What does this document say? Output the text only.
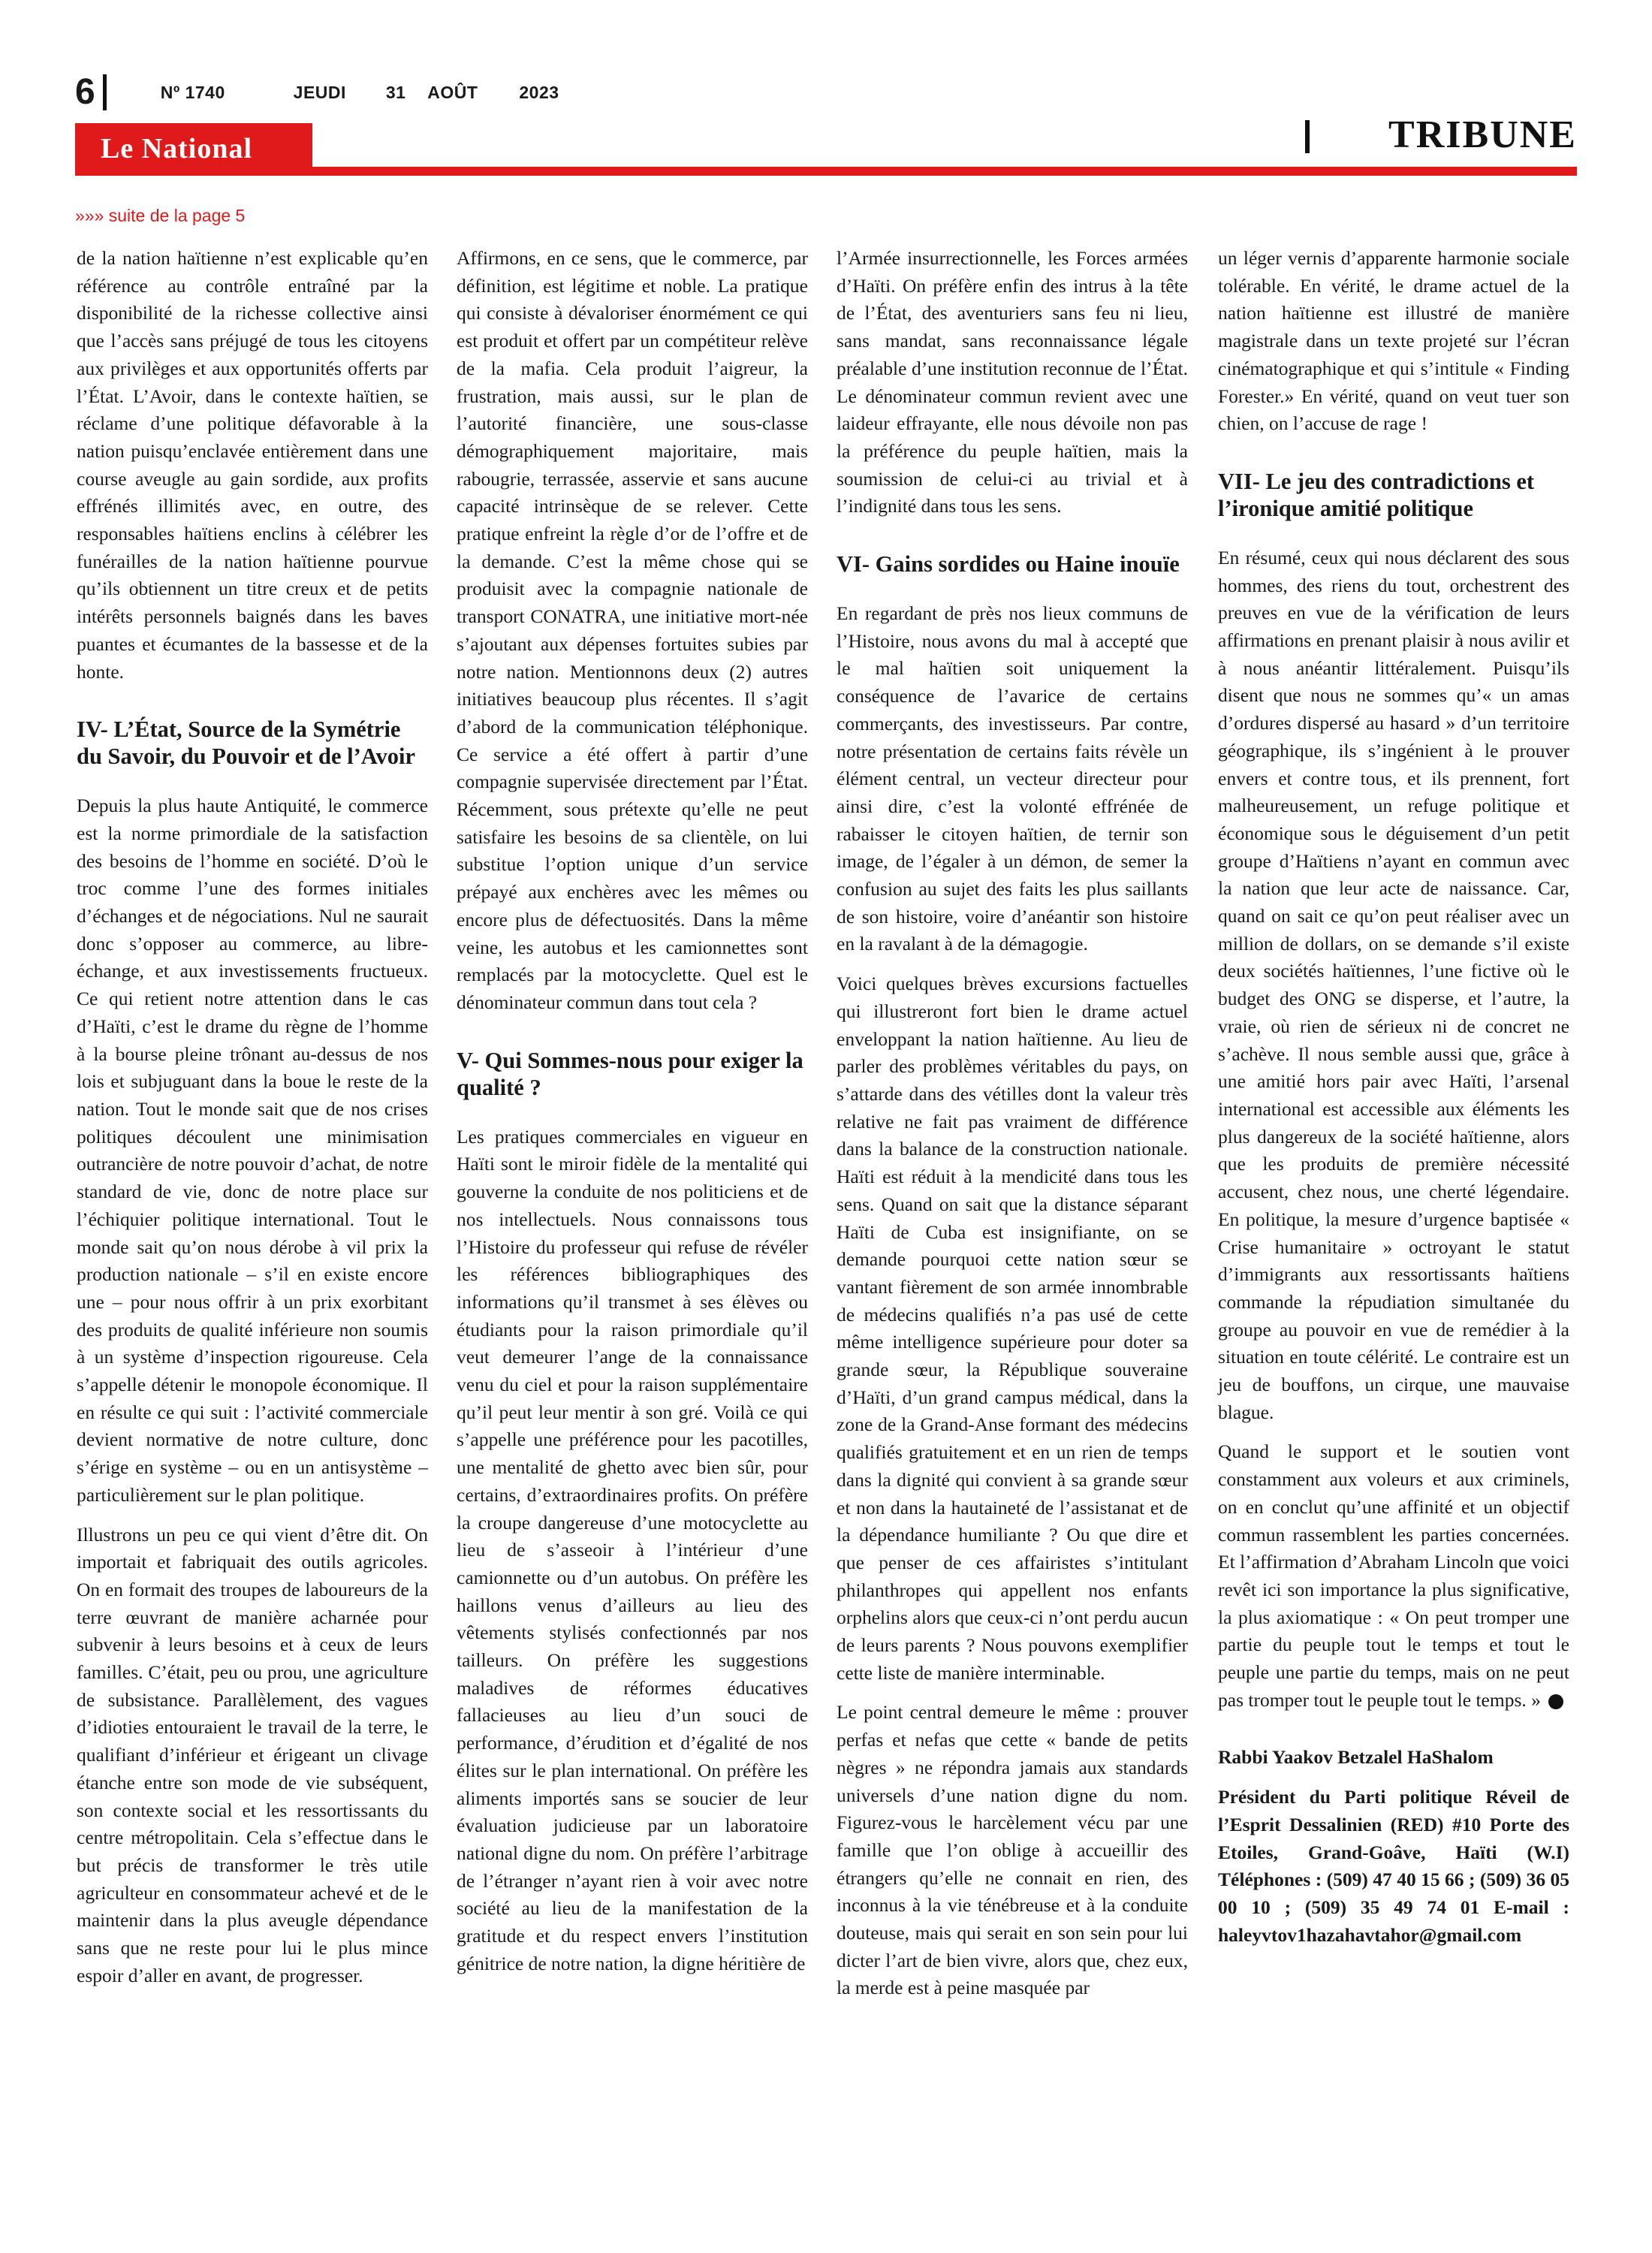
6	Nº 1740	JEUDI 31 AOÛT 2023
Le National	TRIBUNE
»»» suite de la page 5

de la nation haïtienne n’est explicable qu’en référence au contrôle entraîné par la disponibilité de la richesse collective ainsi que l’accès sans préjugé de tous les citoyens aux privilèges et aux opportunités offerts par l’État. L’Avoir, dans le contexte haïtien, se réclame d’une politique défavorable à la nation puisqu’enclavée entièrement dans une course aveugle au gain sordide, aux profits effrénés illimités avec, en outre, des responsables haïtiens enclins à célébrer les funérailles de la nation haïtienne pourvue qu’ils obtiennent un titre creux et de petits intérêts personnels baignés dans les baves puantes et écumantes de la bassesse et de la honte.

IV- L’État, Source de la Symétrie du Savoir, du Pouvoir et de l’Avoir

Depuis la plus haute Antiquité, le commerce est la norme primordiale de la satisfaction des besoins de l’homme en société. D’où le troc comme l’une des formes initiales d’échanges et de négociations. Nul ne saurait donc s’opposer au commerce, au libre-échange, et aux investissements fructueux. Ce qui retient notre attention dans le cas d’Haïti, c’est le drame du règne de l’homme à la bourse pleine trônant au-dessus de nos lois et subjuguant dans la boue le reste de la nation. Tout le monde sait que de nos crises politiques découlent une minimisation outrancière de notre pouvoir d’achat, de notre standard de vie, donc de notre place sur l’échiquier politique international. Tout le monde sait qu’on nous dérobe à vil prix la production nationale – s’il en existe encore une – pour nous offrir à un prix exorbitant des produits de qualité inférieure non soumis à un système d’inspection rigoureuse. Cela s’appelle détenir le monopole économique. Il en résulte ce qui suit : l’activité commerciale devient normative de notre culture, donc s’érige en système – ou en un antisystème – particulièrement sur le plan politique.

Illustrons un peu ce qui vient d’être dit. On importait et fabriquait des outils agricoles. On en formait des troupes de laboureurs de la terre œuvrant de manière acharnée pour subvenir à leurs besoins et à ceux de leurs familles. C’était, peu ou prou, une agriculture de subsistance. Parallèlement, des vagues d’idioties entouraient le travail de la terre, le qualifiant d’inférieur et érigeant un clivage étanche entre son mode de vie subséquent, son contexte social et les ressortissants du centre métropolitain. Cela s’effectue dans le but précis de transformer le très utile agriculteur en consommateur achevé et de le maintenir dans la plus aveugle dépendance sans que ne reste pour lui le plus mince espoir d’aller en avant, de progresser.

Affirmons, en ce sens, que le commerce, par définition, est légitime et noble. La pratique qui consiste à dévaloriser énormément ce qui est produit et offert par un compétiteur relève de la mafia. Cela produit l’aigreur, la frustration, mais aussi, sur le plan de l’autorité financière, une sous-classe démographiquement majoritaire, mais rabougrie, terrassée, asservie et sans aucune capacité intrinsèque de se relever. Cette pratique enfreint la règle d’or de l’offre et de la demande. C’est la même chose qui se produisit avec la compagnie nationale de transport CONATRA, une initiative mort-née s’ajoutant aux dépenses fortuites subies par notre nation. Mentionnons deux (2) autres initiatives beaucoup plus récentes. Il s’agit d’abord de la communication téléphonique. Ce service a été offert à partir d’une compagnie supervisée directement par l’État. Récemment, sous prétexte qu’elle ne peut satisfaire les besoins de sa clientèle, on lui substitue l’option unique d’un service prépayé aux enchères avec les mêmes ou encore plus de défectuosités. Dans la même veine, les autobus et les camionnettes sont remplacés par la motocyclette. Quel est le dénominateur commun dans tout cela ?

V- Qui Sommes-nous pour exiger la qualité ?

Les pratiques commerciales en vigueur en Haïti sont le miroir fidèle de la mentalité qui gouverne la conduite de nos politiciens et de nos intellectuels. Nous connaissons tous l’Histoire du professeur qui refuse de révéler les références bibliographiques des informations qu’il transmet à ses élèves ou étudiants pour la raison primordiale qu’il veut demeurer l’ange de la connaissance venu du ciel et pour la raison supplémentaire qu’il peut leur mentir à son gré. Voilà ce qui s’appelle une préférence pour les pacotilles, une mentalité de ghetto avec bien sûr, pour certains, d’extraordinaires profits. On préfère la croupe dangereuse d’une motocyclette au lieu de s’asseoir à l’intérieur d’une camionnette ou d’un autobus. On préfère les haillons venus d’ailleurs au lieu des vêtements stylisés confectionnés par nos tailleurs. On préfère les suggestions maladives de réformes éducatives fallacieuses au lieu d’un souci de performance, d’érudition et d’égalité de nos élites sur le plan international. On préfère les aliments importés sans se soucier de leur évaluation judicieuse par un laboratoire national digne du nom. On préfère l’arbitrage de l’étranger n’ayant rien à voir avec notre société au lieu de la manifestation de la gratitude et du respect envers l’institution génitrice de notre nation, la digne héritière de

l’Armée insurrectionnelle, les Forces armées d’Haïti. On préfère enfin des intrus à la tête de l’État, des aventuriers sans feu ni lieu, sans mandat, sans reconnaissance légale préalable d’une institution reconnue de l’État. Le dénominateur commun revient avec une laideur effrayante, elle nous dévoile non pas la préférence du peuple haïtien, mais la soumission de celui-ci au trivial et à l’indignité dans tous les sens.

VI- Gains sordides ou Haine inouïe

En regardant de près nos lieux communs de l’Histoire, nous avons du mal à accepté que le mal haïtien soit uniquement la conséquence de l’avarice de certains commerçants, des investisseurs. Par contre, notre présentation de certains faits révèle un élément central, un vecteur directeur pour ainsi dire, c’est la volonté effrénée de rabaisser le citoyen haïtien, de ternir son image, de l’égaler à un démon, de semer la confusion au sujet des faits les plus saillants de son histoire, voire d’anéantir son histoire en la ravalant à de la démagogie.

Voici quelques brèves excursions factuelles qui illustreront fort bien le drame actuel enveloppant la nation haïtienne. Au lieu de parler des problèmes véritables du pays, on s’attarde dans des vétilles dont la valeur très relative ne fait pas vraiment de différence dans la balance de la construction nationale. Haïti est réduit à la mendicité dans tous les sens. Quand on sait que la distance séparant Haïti de Cuba est insignifiante, on se demande pourquoi cette nation sœur se vantant fièrement de son armée innombrable de médecins qualifiés n’a pas usé de cette même intelligence supérieure pour doter sa grande sœur, la République souveraine d’Haïti, d’un grand campus médical, dans la zone de la Grand-Anse formant des médecins qualifiés gratuitement et en un rien de temps dans la dignité qui convient à sa grande sœur et non dans la hautaineté de l’assistanat et de la dépendance humiliante ? Ou que dire et que penser de ces affairistes s’intitulant philanthropes qui appellent nos enfants orphelins alors que ceux-ci n’ont perdu aucun de leurs parents ? Nous pouvons exemplifier cette liste de manière interminable.

Le point central demeure le même : prouver perfas et nefas que cette « bande de petits nègres » ne répondra jamais aux standards universels d’une nation digne du nom. Figurez-vous le harcèlement vécu par une famille que l’on oblige à accueillir des étrangers qu’elle ne connait en rien, des inconnus à la vie ténébreuse et à la conduite douteuse, mais qui serait en son sein pour lui dicter l’art de bien vivre, alors que, chez eux, la merde est à peine masquée par

un léger vernis d’apparente harmonie sociale tolérable. En vérité, le drame actuel de la nation haïtienne est illustré de manière magistrale dans un texte projeté sur l’écran cinématographique et qui s’intitule « Finding Forester.» En vérité, quand on veut tuer son chien, on l’accuse de rage !

VII- Le jeu des contradictions et l’ironique amitié politique

En résumé, ceux qui nous déclarent des sous hommes, des riens du tout, orchestrent des preuves en vue de la vérification de leurs affirmations en prenant plaisir à nous avilir et à nous anéantir littéralement. Puisqu’ils disent que nous ne sommes qu’« un amas d’ordures dispersé au hasard » d’un territoire géographique, ils s’ingénient à le prouver envers et contre tous, et ils prennent, fort malheureusement, un refuge politique et économique sous le déguisement d’un petit groupe d’Haïtiens n’ayant en commun avec la nation que leur acte de naissance. Car, quand on sait ce qu’on peut réaliser avec un million de dollars, on se demande s’il existe deux sociétés haïtiennes, l’une fictive où le budget des ONG se disperse, et l’autre, la vraie, où rien de sérieux ni de concret ne s’achève. Il nous semble aussi que, grâce à une amitié hors pair avec Haïti, l’arsenal international est accessible aux éléments les plus dangereux de la société haïtienne, alors que les produits de première nécessité accusent, chez nous, une cherté légendaire. En politique, la mesure d’urgence baptisée « Crise humanitaire » octroyant le statut d’immigrants aux ressortissants haïtiens commande la répudiation simultanée du groupe au pouvoir en vue de remédier à la situation en toute célérité. Le contraire est un jeu de bouffons, un cirque, une mauvaise blague.

Quand le support et le soutien vont constamment aux voleurs et aux criminels, on en conclut qu’une affinité et un objectif commun rassemblent les parties concernées. Et l’affirmation d’Abraham Lincoln que voici revêt ici son importance la plus significative, la plus axiomatique : « On peut tromper une partie du peuple tout le temps et tout le peuple une partie du temps, mais on ne peut pas tromper tout le peuple tout le temps. »

Rabbi Yaakov Betzalel HaShalom

Président du Parti politique Réveil de l’Esprit Dessalinien (RED) #10 Porte des Etoiles, Grand-Goâve, Haïti (W.I) Téléphones : (509) 47 40 15 66 ; (509) 36 05 00 10 ; (509) 35 49 74 01 E-mail : haleyvtov1hazahavtahor@gmail.com
